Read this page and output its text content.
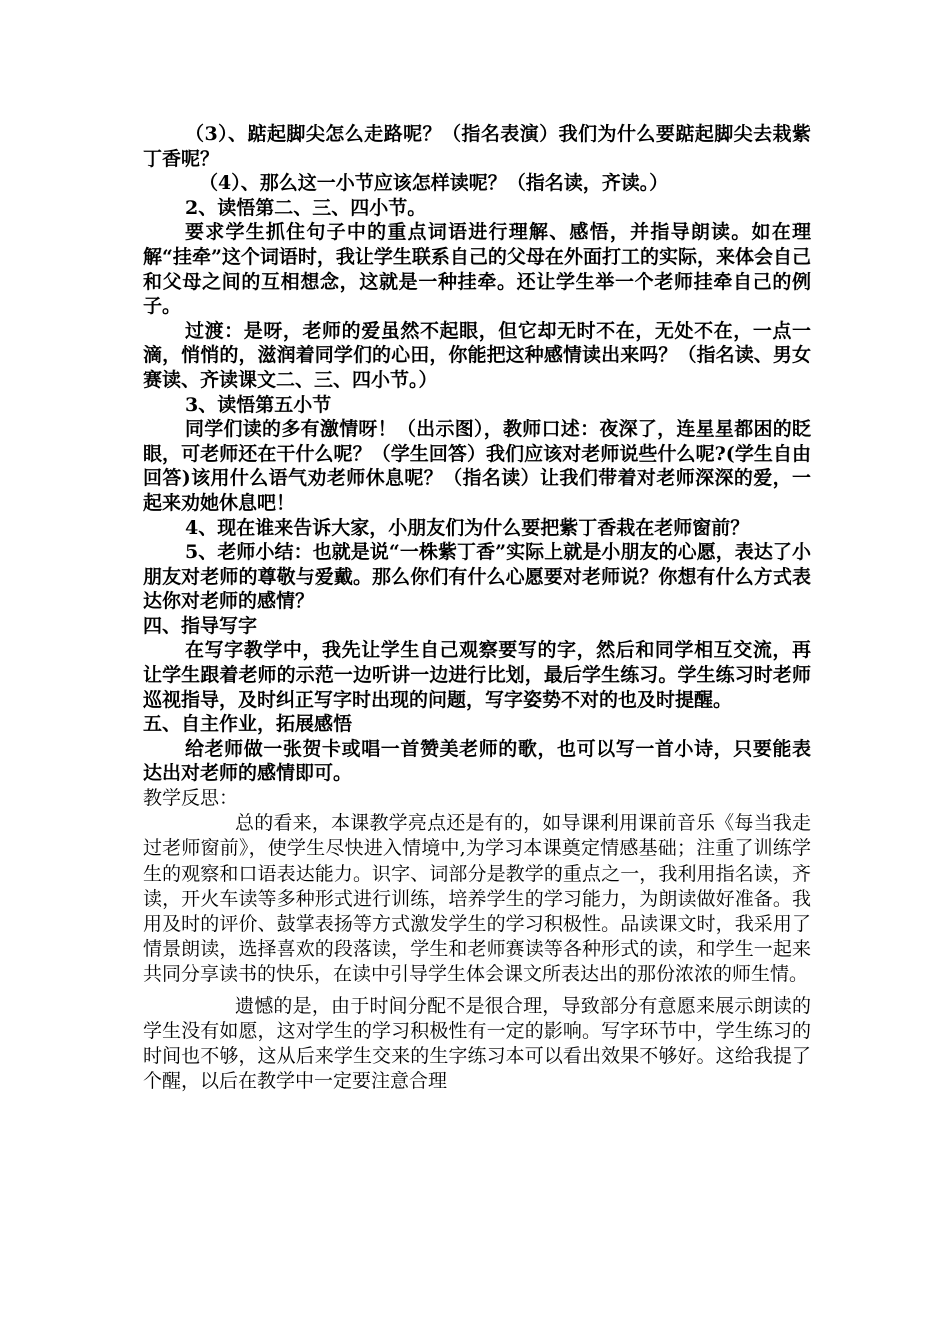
（3）、踮起脚尖怎么走路呢？（指名表演）我们为什么要踮起脚尖去栽紫丁香呢？

（4）、那么这一小节应该怎样读呢？（指名读，齐读。）

2、读悟第二、三、四小节。

要求学生抓住句子中的重点词语进行理解、感悟，并指导朗读。如在理解“挂牵”这个词语时，我让学生联系自己的父母在外面打工的实际，来体会自己和父母之间的互相想念，这就是一种挂牵。还让学生举一个老师挂牵自己的例子。

过渡：是呀，老师的爱虽然不起眼，但它却无时不在，无处不在，一点一滴，悄悄的，滋润着同学们的心田，你能把这种感情读出来吗？（指名读、男女赛读、齐读课文二、三、四小节。）

3、读悟第五小节

同学们读的多有激情呀！（出示图），教师口述：夜深了，连星星都困的眨眼，可老师还在干什么呢？（学生回答）我们应该对老师说些什么呢?(学生自由回答)该用什么语气劝老师休息呢？（指名读）让我们带着对老师深深的爱，一起来劝她休息吧！

4、现在谁来告诉大家，小朋友们为什么要把紫丁香栽在老师窗前？

5、老师小结：也就是说“一株紫丁香”实际上就是小朋友的心愿，表达了小朋友对老师的尊敬与爱戴。那么你们有什么心愿要对老师说？你想有什么方式表达你对老师的感情？

四、指导写字

在写字教学中，我先让学生自己观察要写的字，然后和同学相互交流，再让学生跟着老师的示范一边听讲一边进行比划，最后学生练习。学生练习时老师巡视指导，及时纠正写字时出现的问题，写字姿势不对的也及时提醒。

五、自主作业，拓展感悟

给老师做一张贺卡或唱一首赞美老师的歌，也可以写一首小诗，只要能表达出对老师的感情即可。

教学反思：

总的看来，本课教学亮点还是有的，如导课利用课前音乐《每当我走过老师窗前》，使学生尽快进入情境中,为学习本课奠定情感基础；注重了训练学生的观察和口语表达能力。识字、词部分是教学的重点之一，我利用指名读，齐读，开火车读等多种形式进行训练，培养学生的学习能力，为朗读做好准备。我用及时的评价、鼓掌表扬等方式激发学生的学习积极性。品读课文时，我采用了情景朗读，选择喜欢的段落读，学生和老师赛读等各种形式的读，和学生一起来共同分享读书的快乐，在读中引导学生体会课文所表达出的那份浓浓的师生情。

遗憾的是，由于时间分配不是很合理，导致部分有意愿来展示朗读的学生没有如愿，这对学生的学习积极性有一定的影响。写字环节中，学生练习的时间也不够，这从后来学生交来的生字练习本可以看出效果不够好。这给我提了个醒，以后在教学中一定要注意合理
